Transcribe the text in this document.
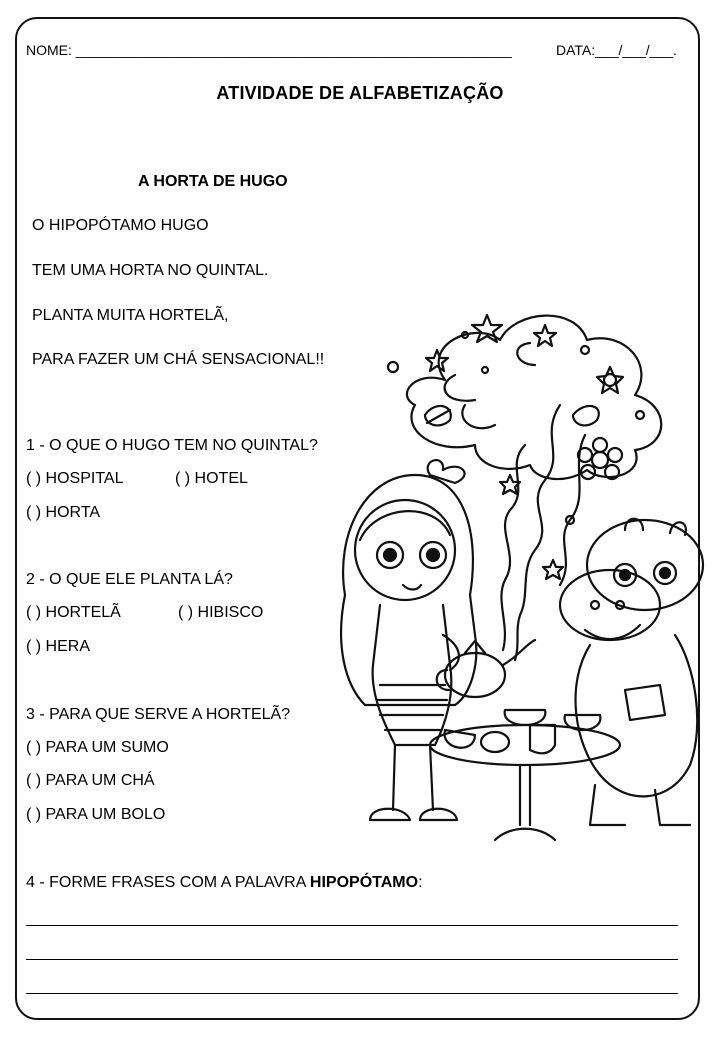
NOME: ________________________________________________________	DATA:___/___/___.
ATIVIDADE DE ALFABETIZAÇÃO
A HORTA DE HUGO
O HIPOPÓTAMO HUGO
TEM UMA HORTA NO QUINTAL.
PLANTA MUITA HORTELÃ,
PARA FAZER UM CHÁ SENSACIONAL!!
1 - O QUE O HUGO TEM NO QUINTAL?
( ) HOSPITAL	( ) HOTEL
( ) HORTA
2 - O QUE ELE PLANTA LÁ?
( ) HORTELÃ	( ) HIBISCO
( ) HERA
3 - PARA QUE SERVE A HORTELÃ?
( ) PARA UM SUMO
( ) PARA UM CHÁ
( ) PARA UM BOLO
4 - FORME FRASES COM A PALAVRA HIPOPÓTAMO:
